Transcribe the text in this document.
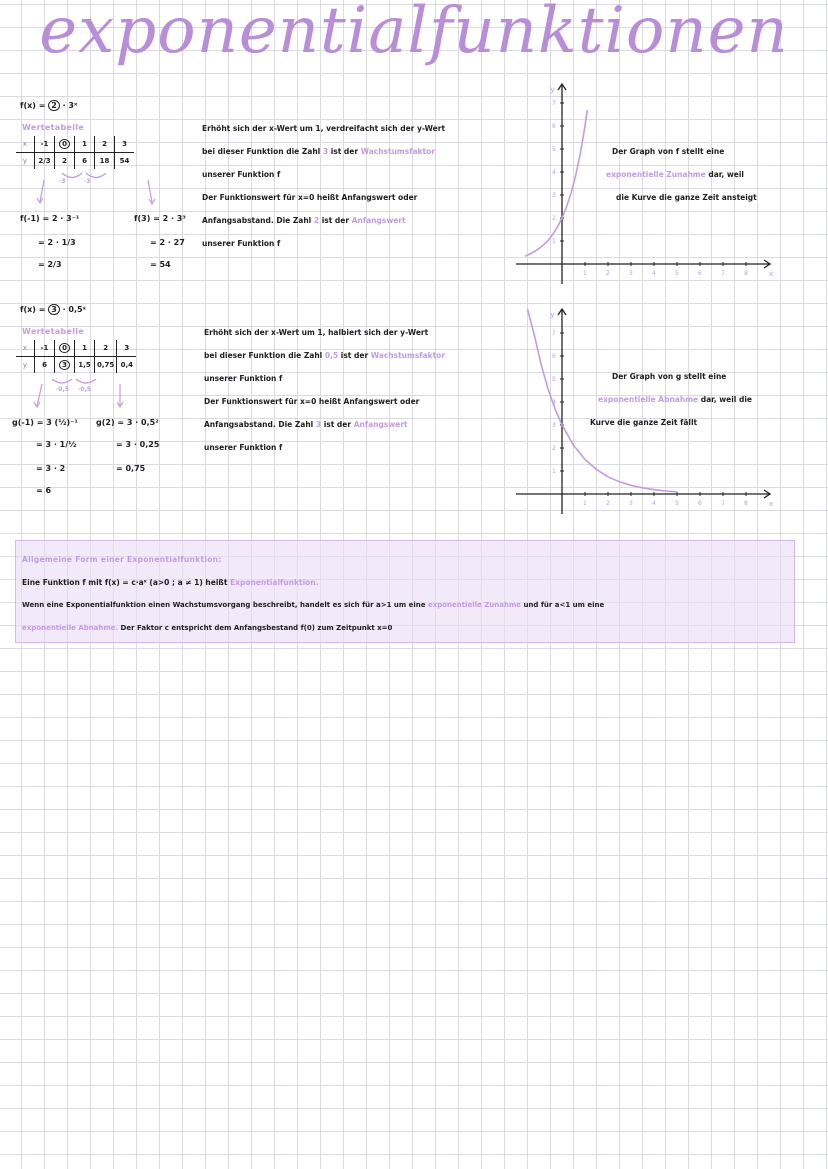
exponentialfunktionen
f(x) = 2 · 3ˣ
Wertetabelle
x	-1	0	1	2	3
y	2/3	2	6	18	54
·3	·3
f(-1) = 2 · 3⁻¹
= 2 · 1/3
= 2/3
f(3) = 2 · 3³
= 2 · 27
= 54
Erhöht sich der x-Wert um 1, verdreifacht sich der y-Wert
bei dieser Funktion die Zahl 3 ist der Wachstumsfaktor
unserer Funktion f
Der Funktionswert für x=0 heißt Anfangswert oder
Anfangsabstand. Die Zahl 2 ist der Anfangswert
unserer Funktion f
y
x
1	2	3	4	5	6	7	8
1
2
3
4
5
6
7
Der Graph von f stellt eine
exponentielle Zunahme dar, weil
die Kurve die ganze Zeit ansteigt
f(x) = 3 · 0,5ˣ
Wertetabelle
x	-1	0	1	2	3
y	6	3	1,5	0,75	0,4
·0,5 ·0,5
g(-1) = 3 (½)⁻¹
= 3 · 1/½
= 3 · 2
= 6
g(2) = 3 · 0,5²
= 3 · 0,25
= 0,75
Erhöht sich der x-Wert um 1, halbiert sich der y-Wert
bei dieser Funktion die Zahl 0,5 ist der Wachstumsfaktor
unserer Funktion f
Der Funktionswert für x=0 heißt Anfangswert oder
Anfangsabstand. Die Zahl 3 ist der Anfangswert
unserer Funktion f
y
x
1	2	3	4	5	6	7	8
1
2
3
4
5
6
7
Der Graph von g stellt eine
exponentielle Abnahme dar, weil die
Kurve die ganze Zeit fällt
Allgemeine Form einer Exponentialfunktion:
Eine Funktion f mit f(x) = c·aˣ (a>0 ; a ≠ 1) heißt Exponentialfunktion.
Wenn eine Exponentialfunktion einen Wachstumsvorgang beschreibt, handelt es sich für a>1 um eine exponentielle Zunahme und für a<1 um eine
exponentielle Abnahme. Der Faktor c entspricht dem Anfangsbestand f(0) zum Zeitpunkt x=0
